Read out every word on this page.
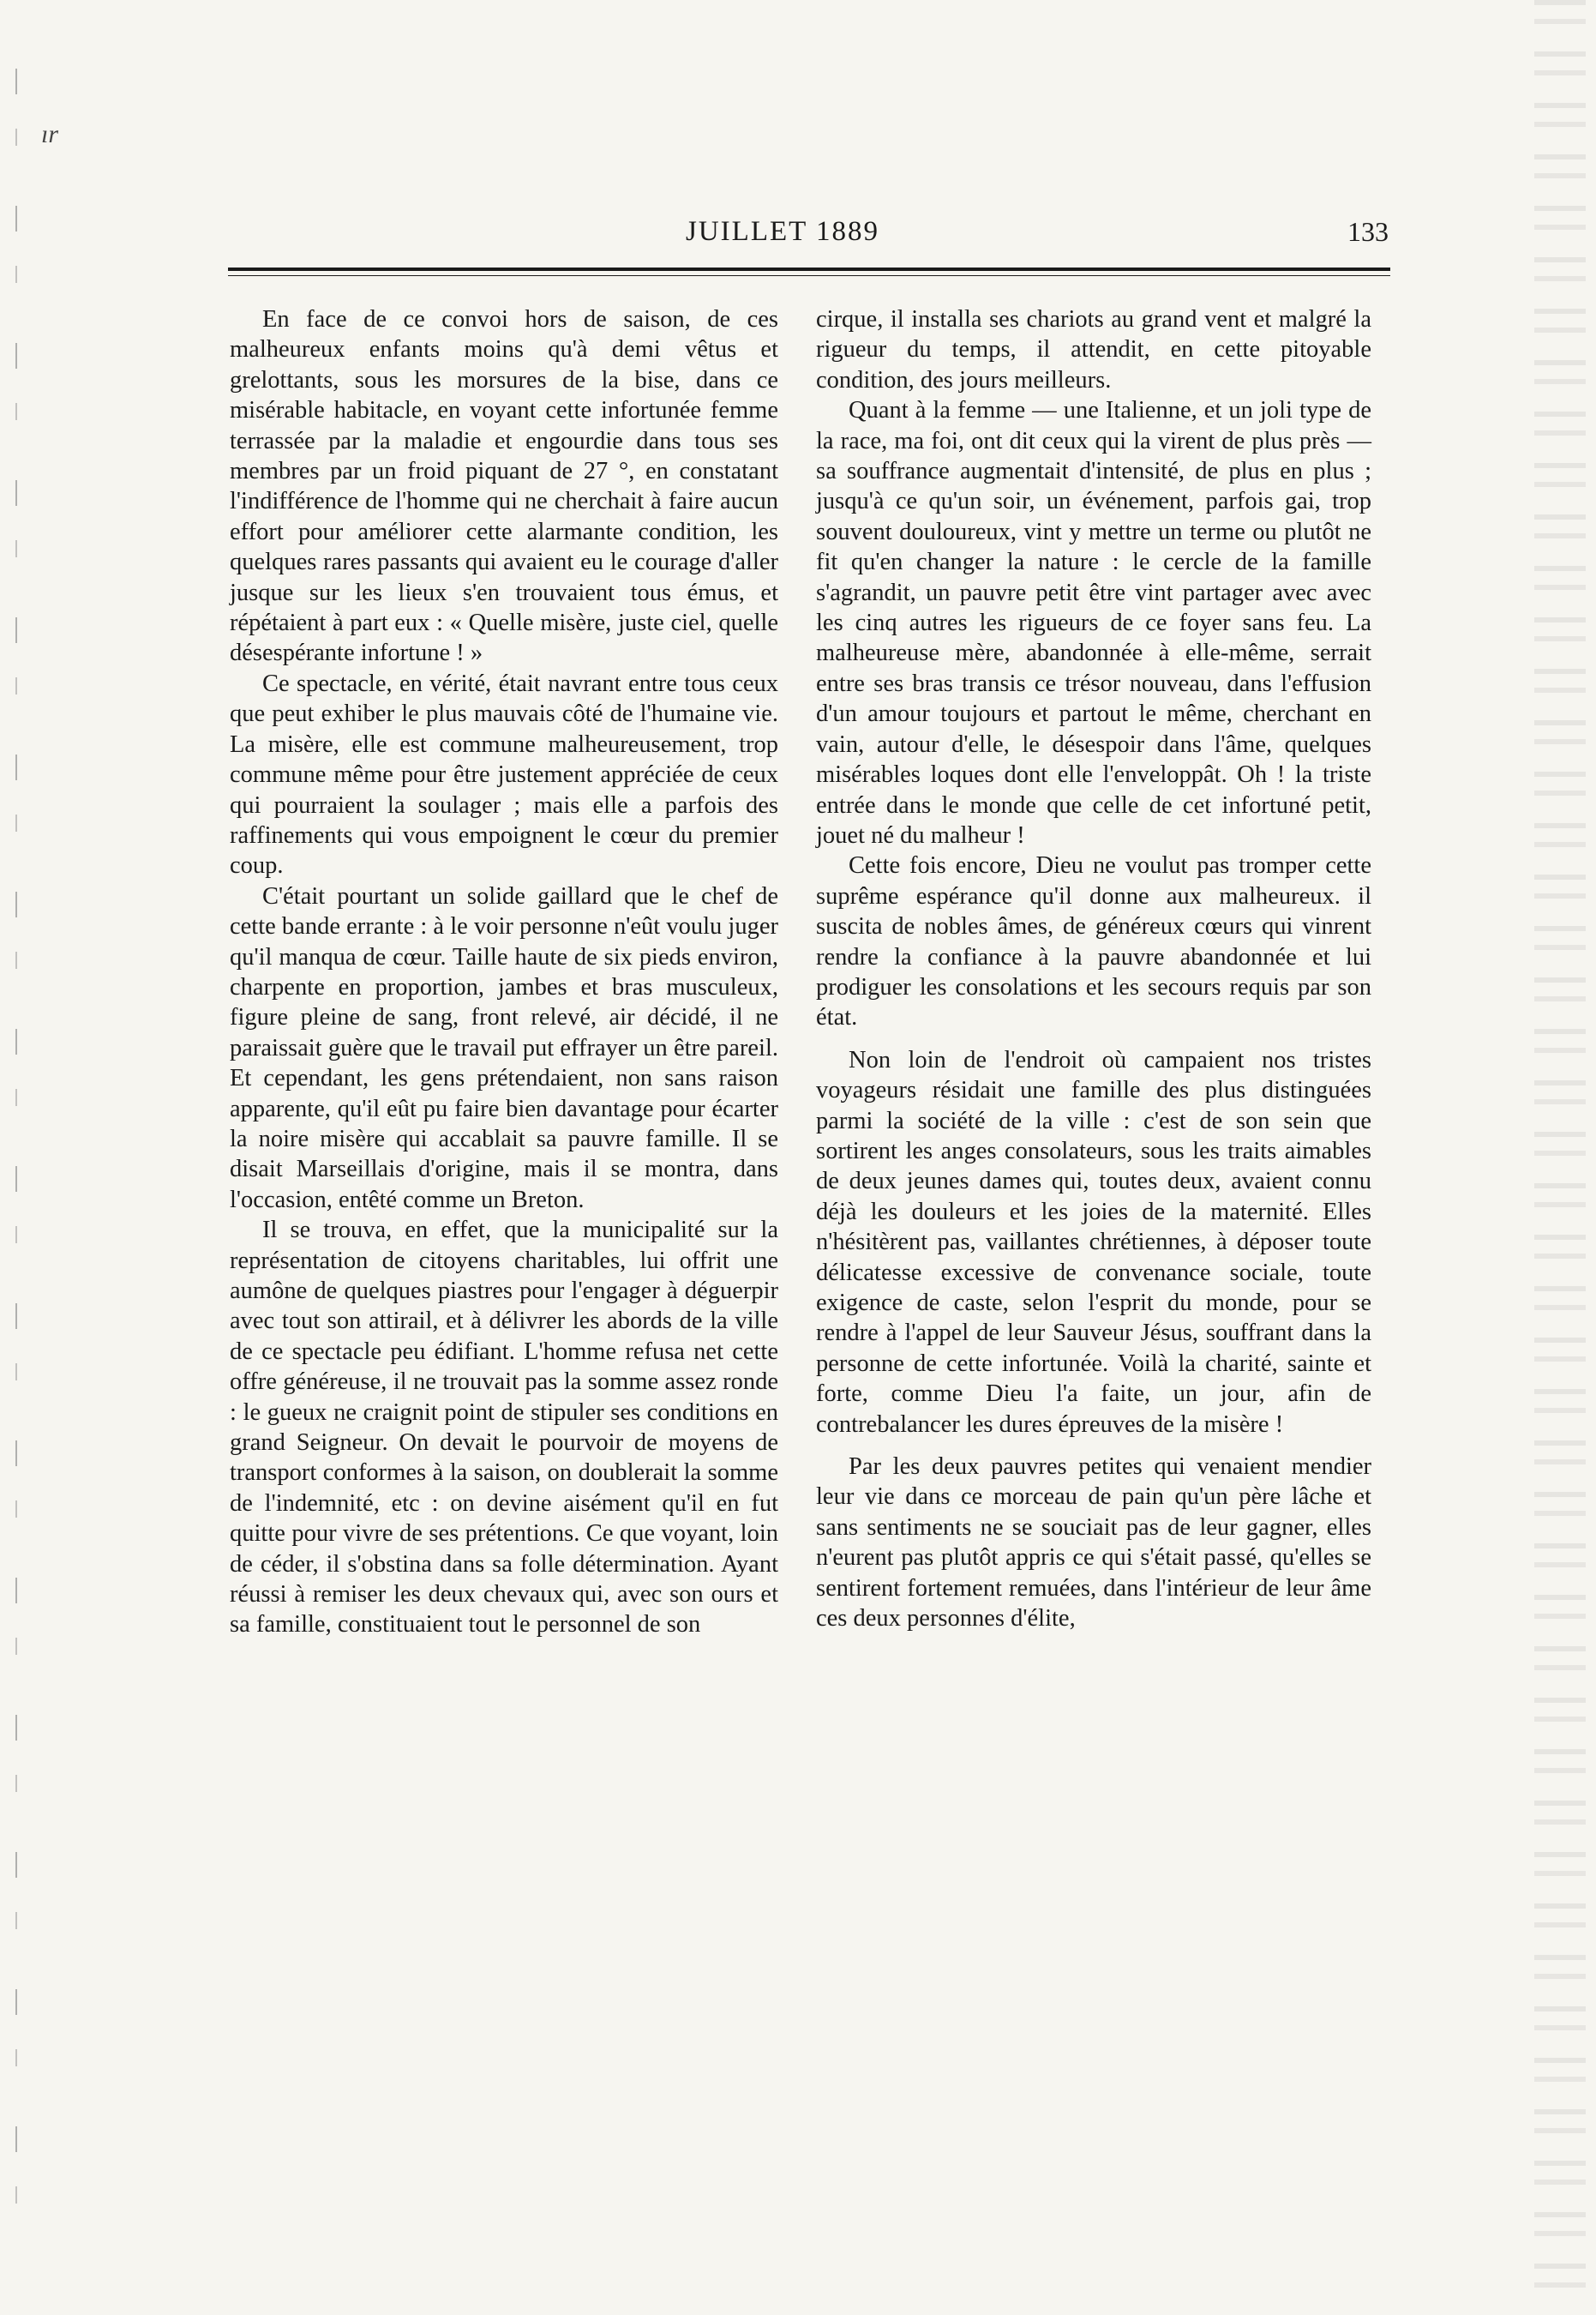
ır
JUILLET 1889	133

En face de ce convoi hors de saison, de ces malheureux enfants moins qu'à demi vêtus et grelottants, sous les morsures de la bise, dans ce misérable habitacle, en voyant cette infortunée femme terrassée par la maladie et engourdie dans tous ses membres par un froid piquant de 27 °, en constatant l'indifférence de l'homme qui ne cherchait à faire aucun effort pour améliorer cette alarmante condition, les quelques rares passants qui avaient eu le courage d'aller jusque sur les lieux s'en trouvaient tous émus, et répétaient à part eux : « Quelle misère, juste ciel, quelle désespérante infortune ! »

Ce spectacle, en vérité, était navrant entre tous ceux que peut exhiber le plus mauvais côté de l'humaine vie. La misère, elle est commune malheureusement, trop commune même pour être justement appréciée de ceux qui pourraient la soulager ; mais elle a parfois des raffinements qui vous empoignent le cœur du premier coup.

C'était pourtant un solide gaillard que le chef de cette bande errante : à le voir personne n'eût voulu juger qu'il manqua de cœur. Taille haute de six pieds environ, charpente en proportion, jambes et bras musculeux, figure pleine de sang, front relevé, air décidé, il ne paraissait guère que le travail put effrayer un être pareil. Et cependant, les gens prétendaient, non sans raison apparente, qu'il eût pu faire bien davantage pour écarter la noire misère qui accablait sa pauvre famille. Il se disait Marseillais d'origine, mais il se montra, dans l'occasion, entêté comme un Breton.

Il se trouva, en effet, que la municipalité sur la représentation de citoyens charitables, lui offrit une aumône de quelques piastres pour l'engager à déguerpir avec tout son attirail, et à délivrer les abords de la ville de ce spectacle peu édifiant. L'homme refusa net cette offre généreuse, il ne trouvait pas la somme assez ronde : le gueux ne craignit point de stipuler ses conditions en grand Seigneur. On devait le pourvoir de moyens de transport conformes à la saison, on doublerait la somme de l'indemnité, etc : on devine aisément qu'il en fut quitte pour vivre de ses prétentions. Ce que voyant, loin de céder, il s'obstina dans sa folle détermination. Ayant réussi à remiser les deux chevaux qui, avec son ours et sa famille, constituaient tout le personnel de son

cirque, il installa ses chariots au grand vent et malgré la rigueur du temps, il attendit, en cette pitoyable condition, des jours meilleurs.

Quant à la femme — une Italienne, et un joli type de la race, ma foi, ont dit ceux qui la virent de plus près — sa souffrance augmentait d'intensité, de plus en plus ; jusqu'à ce qu'un soir, un événement, parfois gai, trop souvent douloureux, vint y mettre un terme ou plutôt ne fit qu'en changer la nature : le cercle de la famille s'agrandit, un pauvre petit être vint partager avec avec les cinq autres les rigueurs de ce foyer sans feu. La malheureuse mère, abandonnée à elle-même, serrait entre ses bras transis ce trésor nouveau, dans l'effusion d'un amour toujours et partout le même, cherchant en vain, autour d'elle, le désespoir dans l'âme, quelques misérables loques dont elle l'enveloppât. Oh ! la triste entrée dans le monde que celle de cet infortuné petit, jouet né du malheur !

Cette fois encore, Dieu ne voulut pas tromper cette suprême espérance qu'il donne aux malheureux. il suscita de nobles âmes, de généreux cœurs qui vinrent rendre la confiance à la pauvre abandonnée et lui prodiguer les consolations et les secours requis par son état.

Non loin de l'endroit où campaient nos tristes voyageurs résidait une famille des plus distinguées parmi la société de la ville : c'est de son sein que sortirent les anges consolateurs, sous les traits aimables de deux jeunes dames qui, toutes deux, avaient connu déjà les douleurs et les joies de la maternité. Elles n'hésitèrent pas, vaillantes chrétiennes, à déposer toute délicatesse excessive de convenance sociale, toute exigence de caste, selon l'esprit du monde, pour se rendre à l'appel de leur Sauveur Jésus, souffrant dans la personne de cette infortunée. Voilà la charité, sainte et forte, comme Dieu l'a faite, un jour, afin de contrebalancer les dures épreuves de la misère !

Par les deux pauvres petites qui venaient mendier leur vie dans ce morceau de pain qu'un père lâche et sans sentiments ne se souciait pas de leur gagner, elles n'eurent pas plutôt appris ce qui s'était passé, qu'elles se sentirent fortement remuées, dans l'intérieur de leur âme ces deux personnes d'élite,
